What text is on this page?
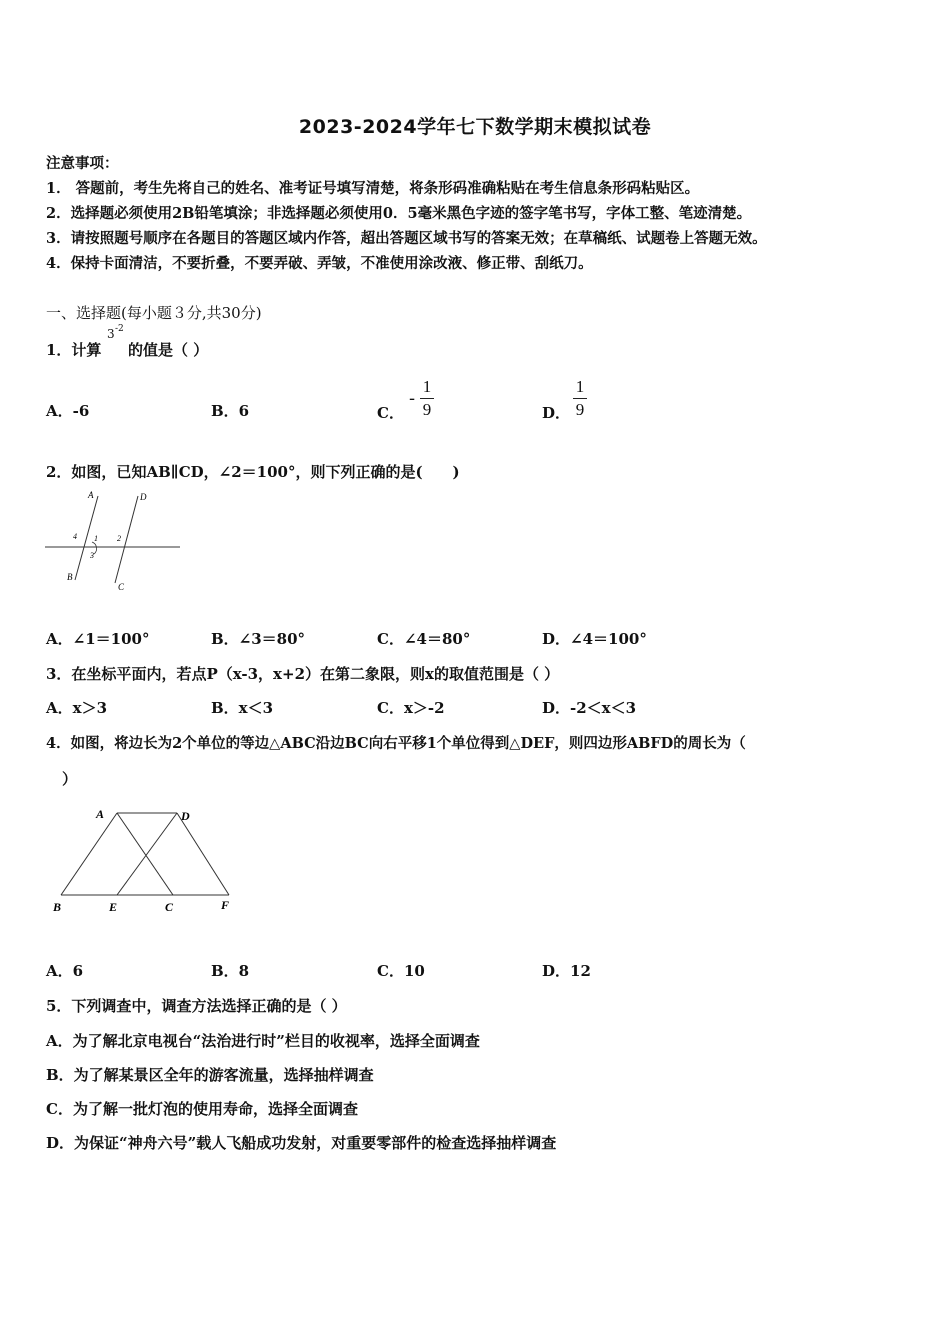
2023-2024学年七下数学期末模拟试卷
注意事项：
1． 答题前，考生先将自己的姓名、准考证号填写清楚，将条形码准确粘贴在考生信息条形码粘贴区。
2．选择题必须使用2B铅笔填涂；非选择题必须使用0．5毫米黑色字迹的签字笔书写，字体工整、笔迹清楚。
3．请按照题号顺序在各题目的答题区域内作答，超出答题区域书写的答案无效；在草稿纸、试题卷上答题无效。
4．保持卡面清洁，不要折叠，不要弄破、弄皱，不准使用涂改液、修正带、刮纸刀。
一、选择题(每小题３分,共30分)
1．计算
3 -2
的值是（ ）
A．-6	B．6	C．
-
1
9	D．
1
9
2．如图，已知AB∥CD，∠2＝100°，则下列正确的是(　　)
A	D
B
C
1 2
3
4
A．∠1＝100°	B．∠3＝80°	C．∠4＝80°	D．∠4＝100°
3．在坐标平面内，若点P（x-3，x+2）在第二象限，则x的取值范围是（ ）
A．x＞3	B．x＜3	C．x＞-2	D．-2＜x＜3
4．如图，将边长为2个单位的等边△ABC沿边BC向右平移1个单位得到△DEF，则四边形ABFD的周长为（
）
A	D
B	E	C	F
A．6	B．8	C．10	D．12
5．下列调查中，调查方法选择正确的是（ ）
A．为了解北京电视台“法治进行时”栏目的收视率，选择全面调查
B．为了解某景区全年的游客流量，选择抽样调查
C．为了解一批灯泡的使用寿命，选择全面调查
D．为保证“神舟六号”载人飞船成功发射，对重要零部件的检查选择抽样调查
